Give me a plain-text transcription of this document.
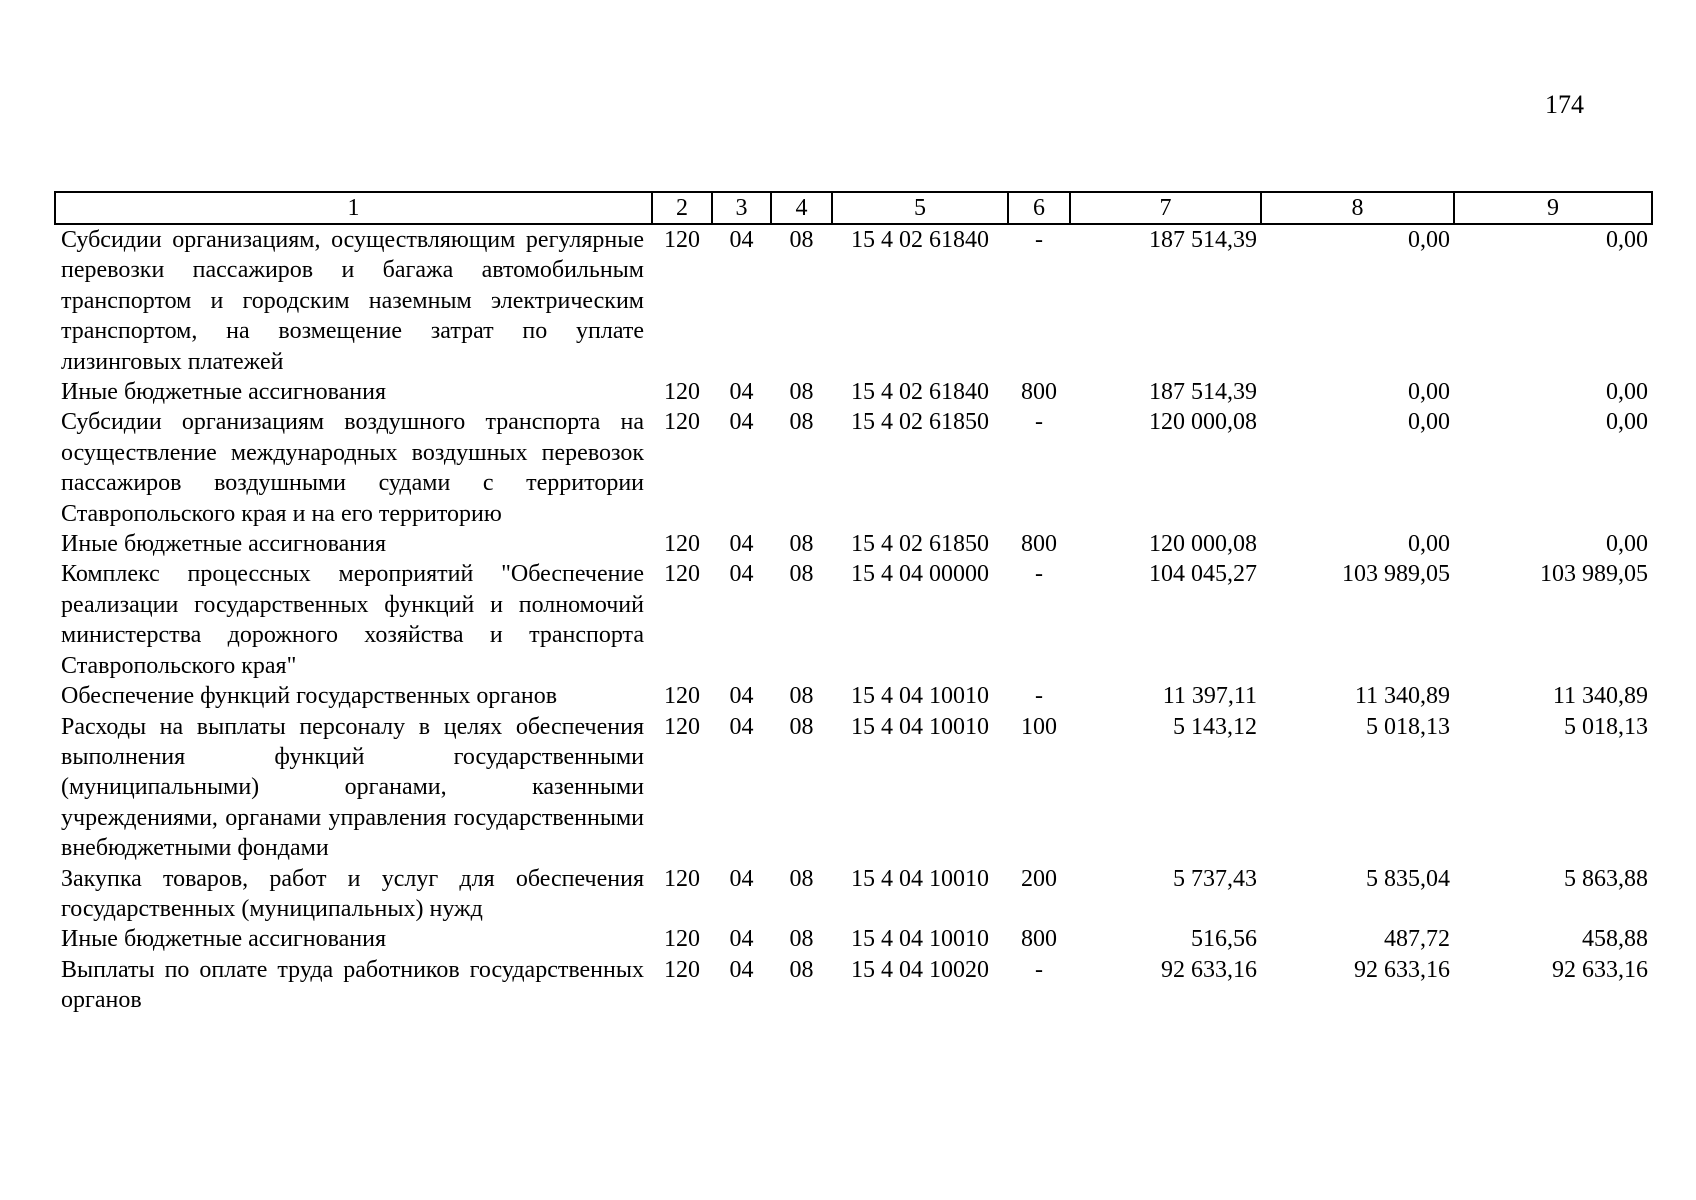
174
1	2	3	4	5	6	7	8	9
Субсидии организациям, осуществляющим регулярные перевозки пассажиров и багажа автомобильным транспортом и городским наземным электрическим транспортом, на возмещение затрат по уплате лизинговых платежей	120	04	08	15 4 02 61840	-	187 514,39	0,00	0,00
Иные бюджетные ассигнования	120	04	08	15 4 02 61840	800	187 514,39	0,00	0,00
Субсидии организациям воздушного транспорта на осуществление международных воздушных перевозок пассажиров воздушными судами с территории Ставропольского края и на его территорию	120	04	08	15 4 02 61850	-	120 000,08	0,00	0,00
Иные бюджетные ассигнования	120	04	08	15 4 02 61850	800	120 000,08	0,00	0,00
Комплекс процессных мероприятий "Обеспечение реализации государственных функций и полномочий министерства дорожного хозяйства и транспорта Ставропольского края"	120	04	08	15 4 04 00000	-	104 045,27	103 989,05	103 989,05
Обеспечение функций государственных органов	120	04	08	15 4 04 10010	-	11 397,11	11 340,89	11 340,89
Расходы на выплаты персоналу в целях обеспечения выполнения функций государственными (муниципальными) органами, казенными учреждениями, органами управления государственными внебюджетными фондами	120	04	08	15 4 04 10010	100	5 143,12	5 018,13	5 018,13
Закупка товаров, работ и услуг для обеспечения государственных (муниципальных) нужд	120	04	08	15 4 04 10010	200	5 737,43	5 835,04	5 863,88
Иные бюджетные ассигнования	120	04	08	15 4 04 10010	800	516,56	487,72	458,88
Выплаты по оплате труда работников государственных органов	120	04	08	15 4 04 10020	-	92 633,16	92 633,16	92 633,16
